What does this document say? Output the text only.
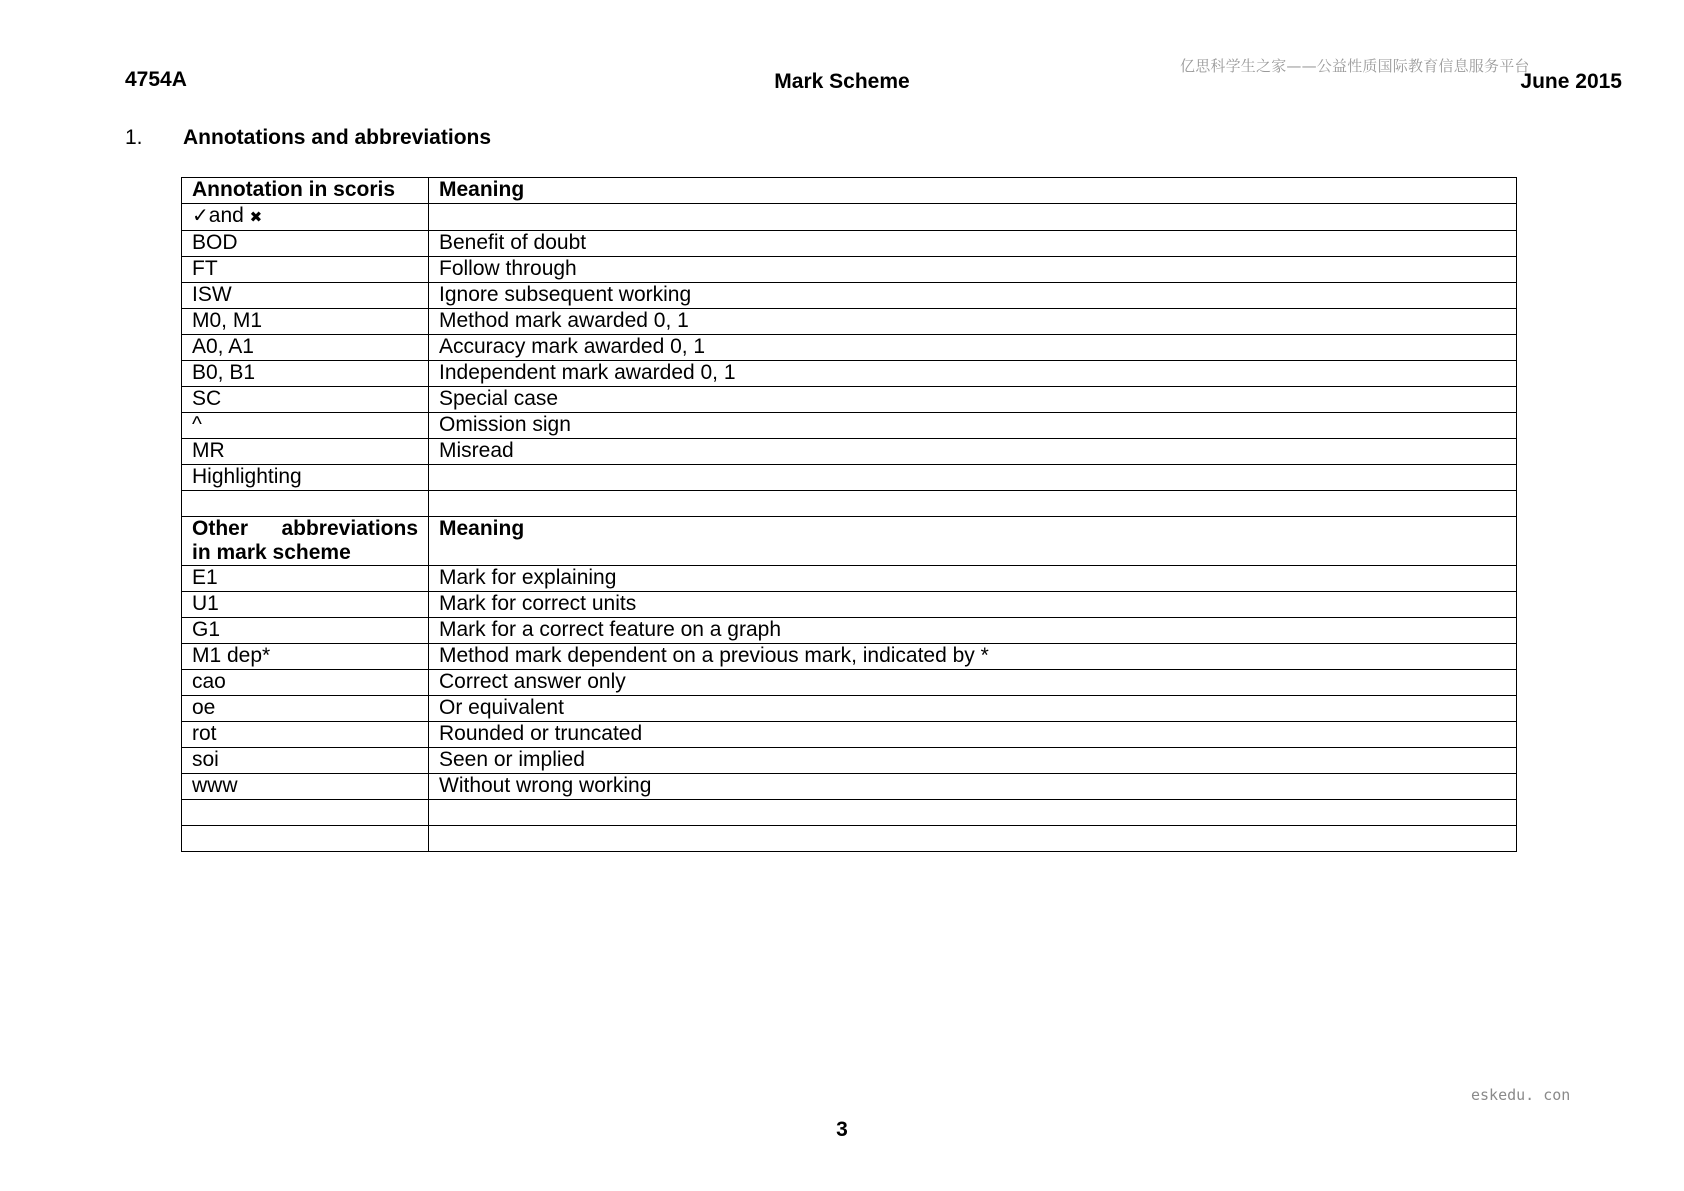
亿思科学生之家——公益性质国际教育信息服务平台
4754A	Mark Scheme	June 2015
1.	Annotations and abbreviations
Annotation in scoris	Meaning
✓and ✖	
BOD	Benefit of doubt
FT	Follow through
ISW	Ignore subsequent working
M0, M1	Method mark awarded 0, 1
A0, A1	Accuracy mark awarded 0, 1
B0, B1	Independent mark awarded 0, 1
SC	Special case
^	Omission sign
MR	Misread
Highlighting	

Other abbreviations
in mark scheme	Meaning
E1	Mark for explaining
U1	Mark for correct units
G1	Mark for a correct feature on a graph
M1 dep*	Method mark dependent on a previous mark, indicated by *
cao	Correct answer only
oe	Or equivalent
rot	Rounded or truncated
soi	Seen or implied
www	Without wrong working

eskedu. con
3
